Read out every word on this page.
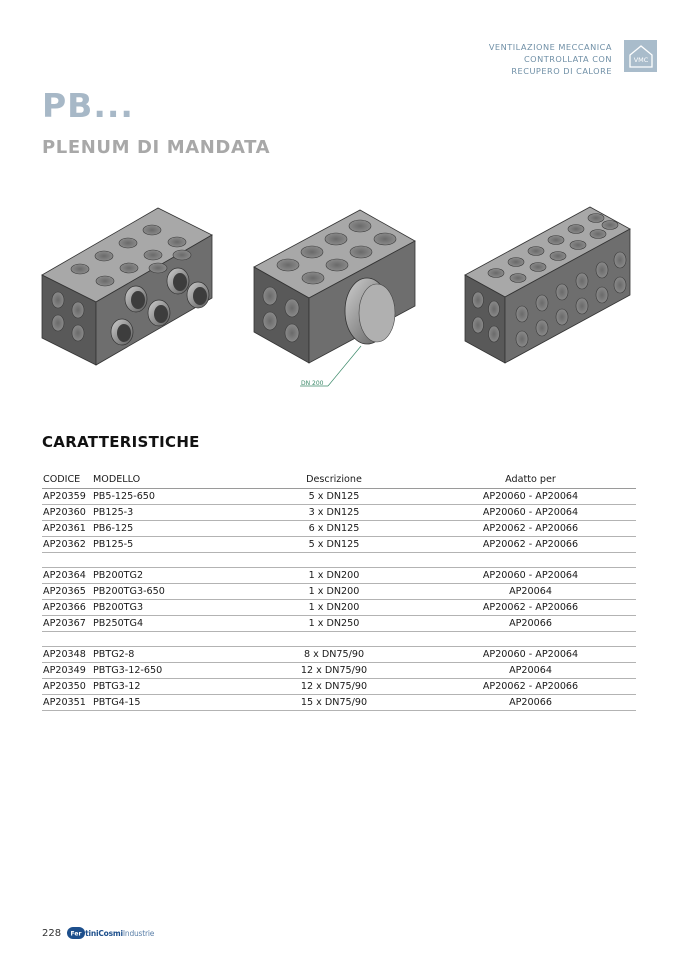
VENTILAZIONE MECCANICA
CONTROLLATA CON
RECUPERO DI CALORE
VMC
PB...
PLENUM DI MANDATA
DN 200
CARATTERISTICHE
CODICE	MODELLO	Descrizione	Adatto per
AP20359	PB5-125-650	5 x DN125	AP20060 - AP20064
AP20360	PB125-3	3 x DN125	AP20060 - AP20064
AP20361	PB6-125	6 x DN125	AP20062 - AP20066
AP20362	PB125-5	5 x DN125	AP20062 - AP20066

AP20364	PB200TG2	1 x DN200	AP20060 - AP20064
AP20365	PB200TG3-650	1 x DN200	AP20064
AP20366	PB200TG3	1 x DN200	AP20062 - AP20066
AP20367	PB250TG4	1 x DN250	AP20066

AP20348	PBTG2-8	8 x DN75/90	AP20060 - AP20064
AP20349	PBTG3-12-650	12 x DN75/90	AP20064
AP20350	PBTG3-12	12 x DN75/90	AP20062 - AP20066
AP20351	PBTG4-15	15 x DN75/90	AP20066
228 Fer tiniCosmiIndustrie
